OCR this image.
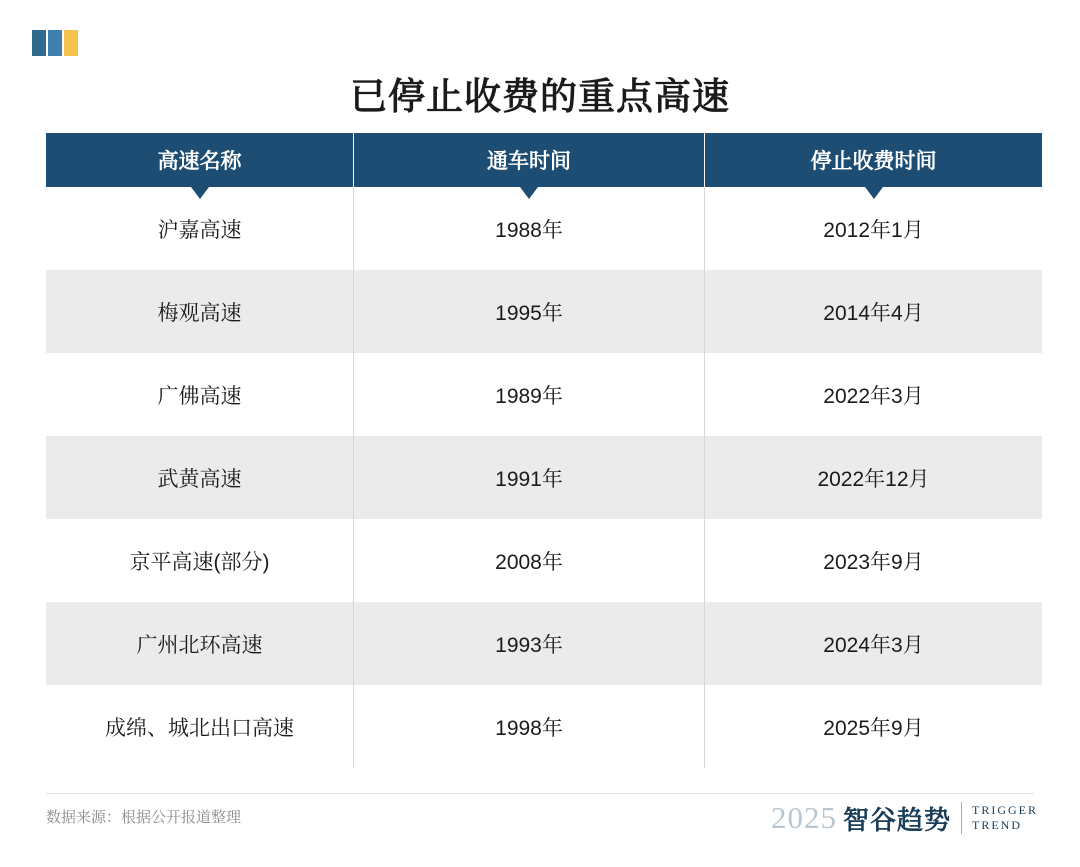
已停止收费的重点高速
高速名称	通车时间	停止收费时间

沪嘉高速	1988年	2012年1月
梅观高速	1995年	2014年4月
广佛高速	1989年	2022年3月
武黄高速	1991年	2022年12月
京平高速(部分)	2008年	2023年9月
广州北环高速	1993年	2024年3月
成绵、城北出口高速	1998年	2025年9月
数据来源：根据公开报道整理	2025 智谷趋势 TRIGGER
TREND
